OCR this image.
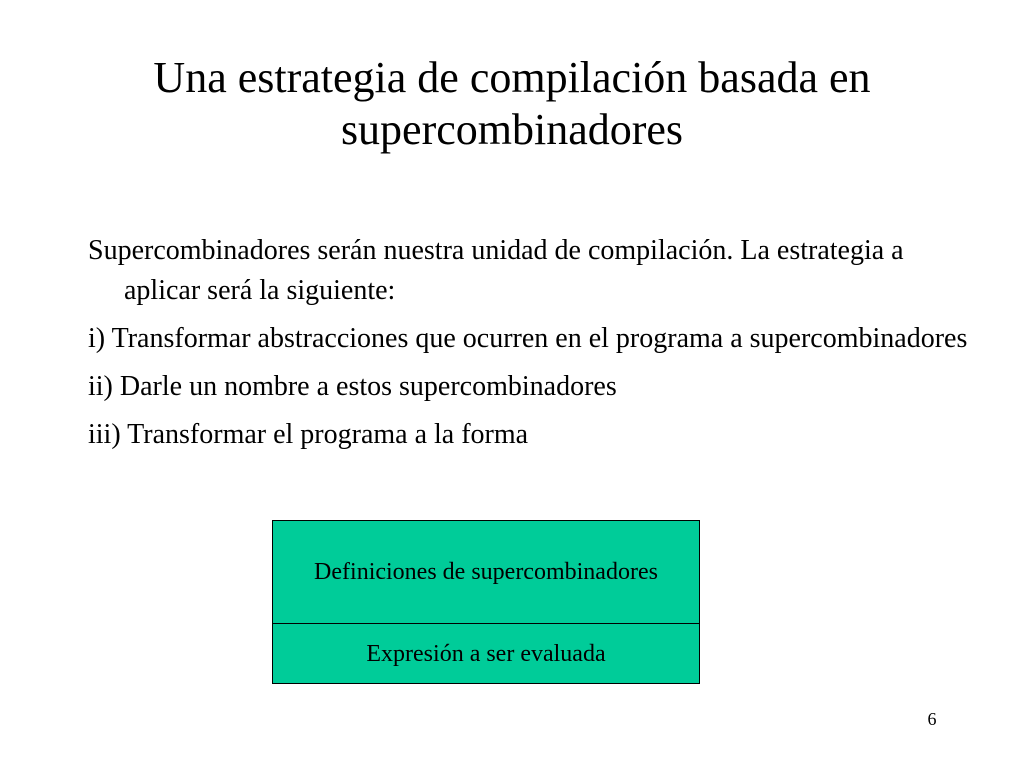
Una estrategia de compilación basada en
supercombinadores
Supercombinadores serán nuestra unidad de compilación. La estrategia a aplicar será la siguiente:
i) Transformar abstracciones que ocurren en el programa a supercombinadores
ii) Darle un nombre a estos supercombinadores
iii) Transformar el programa a la forma
Definiciones de supercombinadores
Expresión a ser evaluada
6
